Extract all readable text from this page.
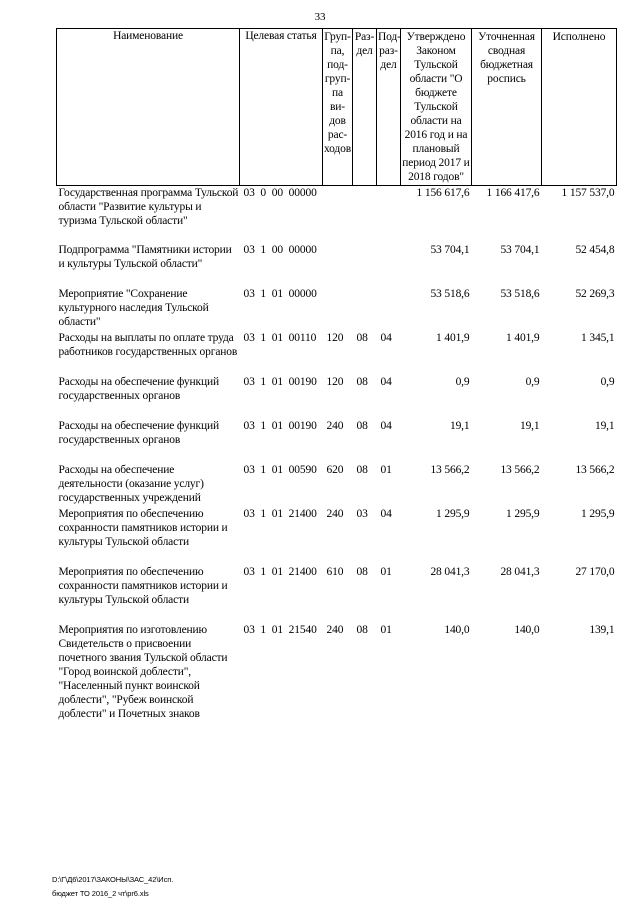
33
Наименование	Целевая статья	Груп-па, под-груп-па ви-дов рас-ходов	Раз-дел	Под-раз-дел	Утверждено Законом Тульской области "О бюджете Тульской области на 2016 год и на плановый период 2017 и 2018 годов"	Уточненная сводная бюджетная роспись	Исполнено
Государственная программа Тульской области "Развитие культуры и туризма Тульской области"	03 0 00 00000				1 156 617,6	1 166 417,6	1 157 537,0
Подпрограмма "Памятники истории и культуры Тульской области"	03 1 00 00000				53 704,1	53 704,1	52 454,8
Мероприятие "Сохранение культурного наследия Тульской области"	03 1 01 00000				53 518,6	53 518,6	52 269,3
Расходы на выплаты по оплате труда работников государственных органов	03 1 01 00110	120	08	04	1 401,9	1 401,9	1 345,1
Расходы на обеспечение функций государственных органов	03 1 01 00190	120	08	04	0,9	0,9	0,9
Расходы на обеспечение функций государственных органов	03 1 01 00190	240	08	04	19,1	19,1	19,1
Расходы на обеспечение деятельности (оказание услуг) государственных учреждений	03 1 01 00590	620	08	01	13 566,2	13 566,2	13 566,2
Мероприятия по обеспечению сохранности памятников истории и культуры Тульской области	03 1 01 21400	240	03	04	1 295,9	1 295,9	1 295,9
Мероприятия по обеспечению сохранности памятников истории и культуры Тульской области	03 1 01 21400	610	08	01	28 041,3	28 041,3	27 170,0
Мероприятия по изготовлению Свидетельств о присвоении почетного звания Тульской области "Город воинской доблести", "Населенный пункт воинской доблести", "Рубеж воинской доблести" и Почетных знаков	03 1 01 21540	240	08	01	140,0	140,0	139,1
D:\Г\Д6\2017\ЗАКОНЫ\ЗАС_42\Исп. бюджет ТО 2016_2 чт\pr6.xls
